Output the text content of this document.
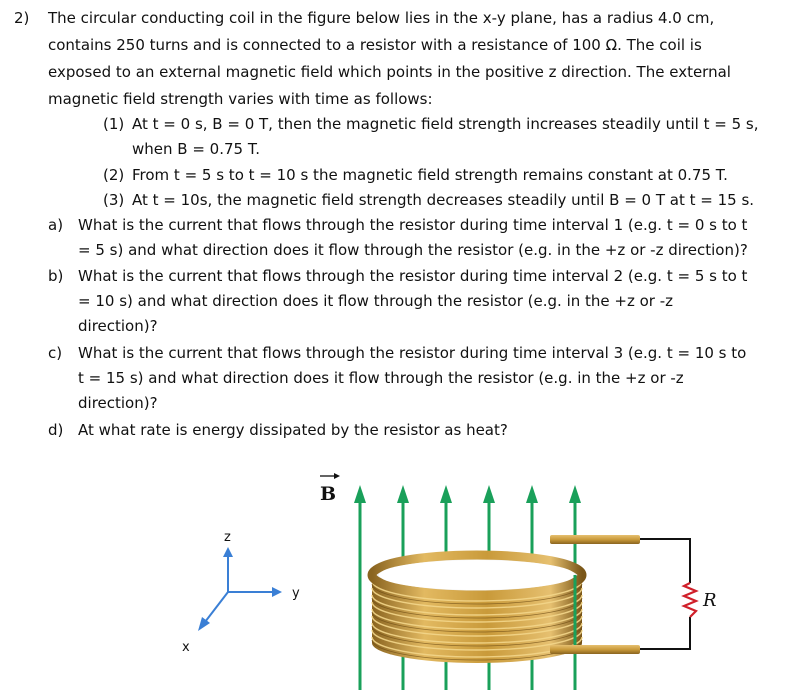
2) The circular conducting coil in the figure below lies in the x-y plane, has a radius 4.0 cm,
contains 250 turns and is connected to a resistor with a resistance of 100 Ω. The coil is
exposed to an external magnetic field which points in the positive z direction. The external
magnetic field strength varies with time as follows:
(1) At t = 0 s, B = 0 T, then the magnetic field strength increases steadily until t = 5 s,
when B = 0.75 T.
(2) From t = 5 s to t = 10 s the magnetic field strength remains constant at 0.75 T.
(3) At t = 10s, the magnetic field strength decreases steadily until B = 0 T at t = 15 s.
a) What is the current that flows through the resistor during time interval 1 (e.g. t = 0 s to t
= 5 s) and what direction does it flow through the resistor (e.g. in the +z or -z direction)?
b) What is the current that flows through the resistor during time interval 2 (e.g. t = 5 s to t
= 10 s) and what direction does it flow through the resistor (e.g. in the +z or -z
direction)?
c) What is the current that flows through the resistor during time interval 3 (e.g. t = 10 s to
t = 15 s) and what direction does it flow through the resistor (e.g. in the +z or -z
direction)?
d) At what rate is energy dissipated by the resistor as heat?
z
y
x
B
R
